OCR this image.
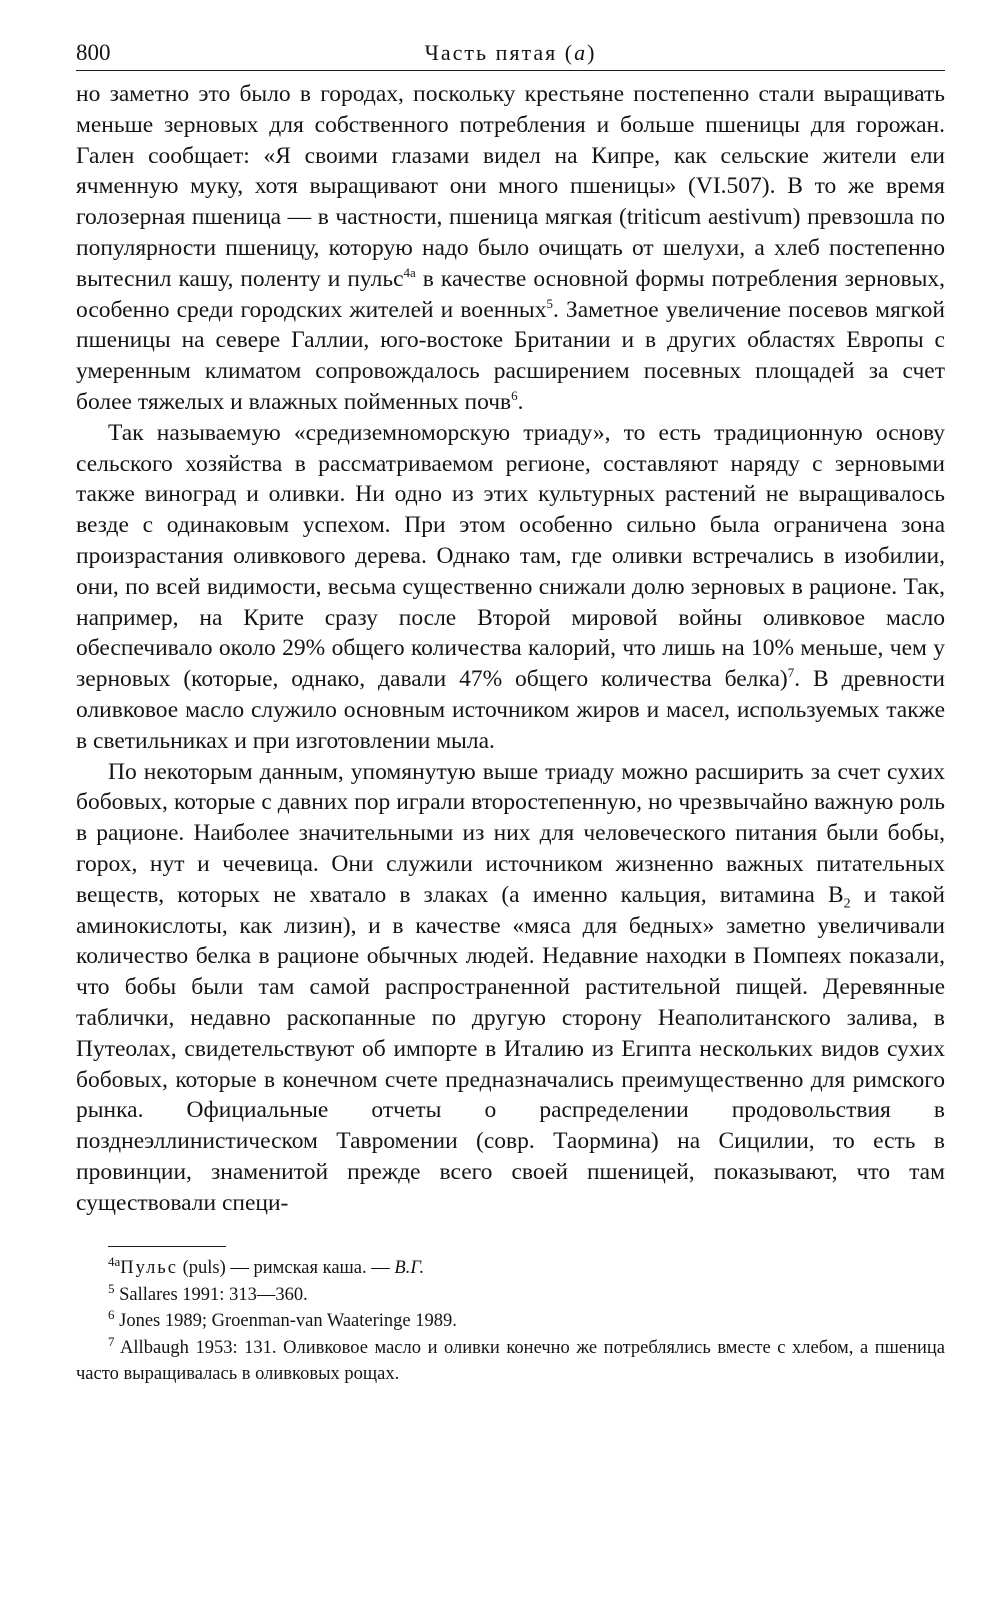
800	Часть пятая (a)

но заметно это было в городах, поскольку крестьяне постепенно стали выращивать меньше зерновых для собственного потребления и больше пшеницы для горожан. Гален сообщает: «Я своими глазами видел на Кипре, как сельские жители ели ячменную муку, хотя выращивают они много пшеницы» (VI.507). В то же время голозерная пшеница — в частности, пшеница мягкая (triticum aestivum) превзошла по популярности пшеницу, которую надо было очищать от шелухи, а хлеб постепенно вытеснил кашу, поленту и пульс$^{4a}$ в качестве основной формы потребления зерновых, особенно среди городских жителей и военных$^5$. Заметное увеличение посевов мягкой пшеницы на севере Галлии, юго-востоке Британии и в других областях Европы с умеренным климатом сопровождалось расширением посевных площадей за счет более тяжелых и влажных пойменных почв$^6$.

Так называемую «средиземноморскую триаду», то есть традиционную основу сельского хозяйства в рассматриваемом регионе, составляют наряду с зерновыми также виноград и оливки. Ни одно из этих культурных растений не выращивалось везде с одинаковым успехом. При этом особенно сильно была ограничена зона произрастания оливкового дерева. Однако там, где оливки встречались в изобилии, они, по всей видимости, весьма существенно снижали долю зерновых в рационе. Так, например, на Крите сразу после Второй мировой войны оливковое масло обеспечивало около 29% общего количества калорий, что лишь на 10% меньше, чем у зерновых (которые, однако, давали 47% общего количества белка)$^7$. В древности оливковое масло служило основным источником жиров и масел, используемых также в светильниках и при изготовлении мыла.

По некоторым данным, упомянутую выше триаду можно расширить за счет сухих бобовых, которые с давних пор играли второстепенную, но чрезвычайно важную роль в рационе. Наиболее значительными из них для человеческого питания были бобы, горох, нут и чечевица. Они служили источником жизненно важных питательных веществ, которых не хватало в злаках (а именно кальция, витамина $B_2$ и такой аминокислоты, как лизин), и в качестве «мяса для бедных» заметно увеличивали количество белка в рационе обычных людей. Недавние находки в Помпеях показали, что бобы были там самой распространенной растительной пищей. Деревянные таблички, недавно раскопанные по другую сторону Неаполитанского залива, в Путеолах, свидетельствуют об импорте в Италию из Египта нескольких видов сухих бобовых, которые в конечном счете предназначались преимущественно для римского рынка. Официальные отчеты о распределении продовольствия в позднеэллинистическом Тавромении (совр. Таормина) на Сицилии, то есть в провинции, знаменитой прежде всего своей пшеницей, показывают, что там существовали специ-

$^{4a}$Пульс (puls) — римская каша. — В.Г.

$^5$ Sallares 1991: 313—360.

$^6$ Jones 1989; Groenman-van Waateringe 1989.

$^7$ Allbaugh 1953: 131. Оливковое масло и оливки конечно же потреблялись вместе с хлебом, а пшеница часто выращивалась в оливковых рощах.
